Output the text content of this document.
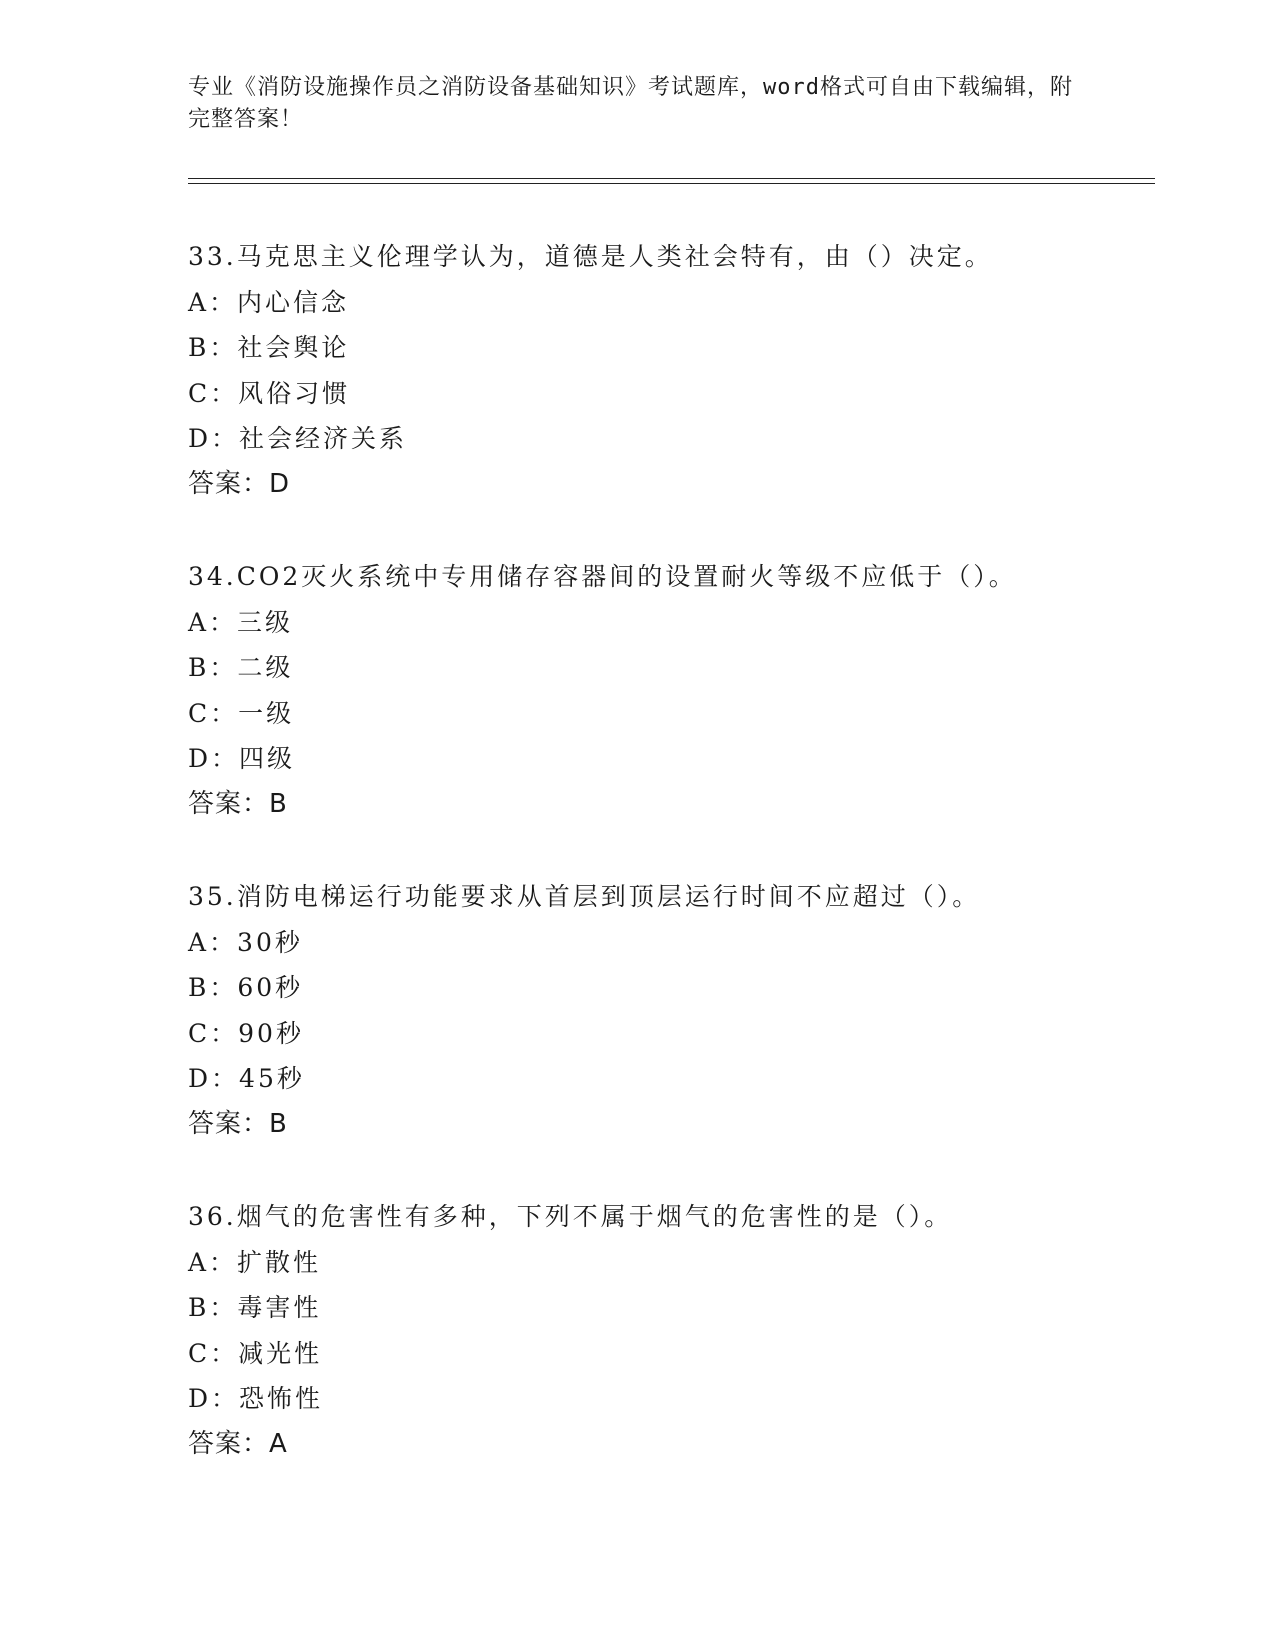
专业《消防设施操作员之消防设备基础知识》考试题库，word格式可自由下载编辑，附完整答案！
33.马克思主义伦理学认为，道德是人类社会特有，由（）决定。
A：内心信念
B：社会舆论
C：风俗习惯
D：社会经济关系
答案：D
34.CO2灭火系统中专用储存容器间的设置耐火等级不应低于（）。
A：三级
B：二级
C：一级
D：四级
答案：B
35.消防电梯运行功能要求从首层到顶层运行时间不应超过（）。
A：30秒
B：60秒
C：90秒
D：45秒
答案：B
36.烟气的危害性有多种，下列不属于烟气的危害性的是（）。
A：扩散性
B：毒害性
C：减光性
D：恐怖性
答案：A
